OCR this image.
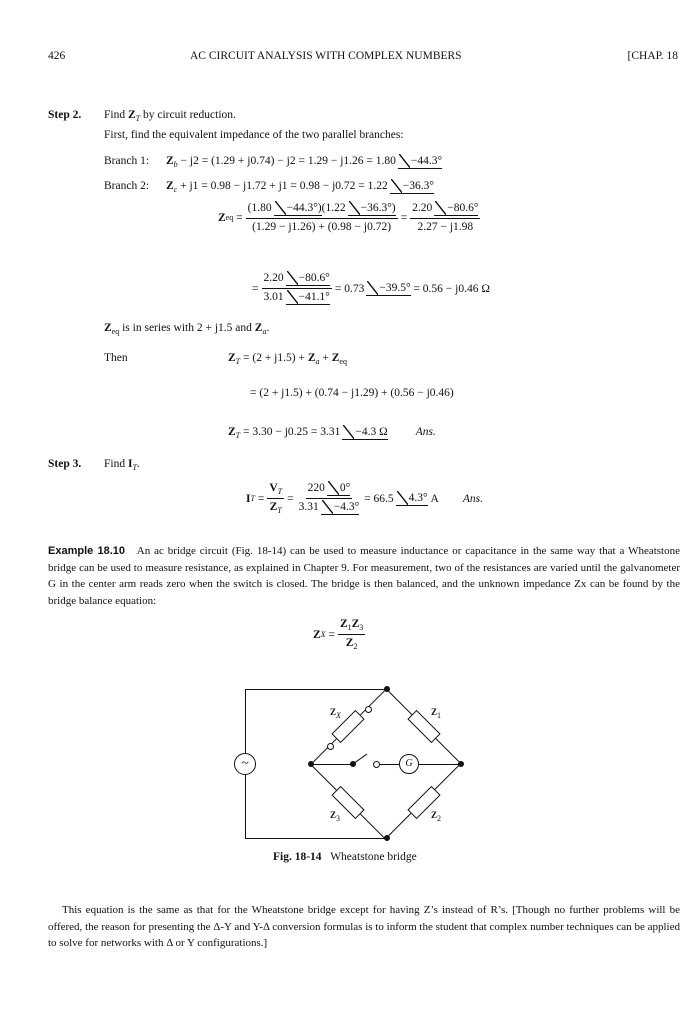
426	AC CIRCUIT ANALYSIS WITH COMPLEX NUMBERS	[CHAP. 18
Step 2. Find $Z_T$ by circuit reduction.
First, find the equivalent impedance of the two parallel branches:
Branch 1: $Z_b - j2 = (1.29 + j0.74) - j2 = 1.29 - j1.26 = 1.80 -44.3^\circ$
Branch 2: $Z_c + j1 = 0.98 - j1.72 + j1 = 0.98 - j0.72 = 1.22 -36.3^\circ$
Z eq = $\frac{(1.80 -44.3^\circ)(1.22 -36.3^\circ)}{(1.29 - j1.26) + (0.98 - j0.72)} = \frac{2.20 -80.6^\circ}{2.27 - j1.98}$
= $\frac{2.20 -80.6^\circ}{3.01 -41.1^\circ} = 0.73$	−39.5°
= 0.56 − j0.46 Ω
$Z_{eq}$ is in series with 2 + j1.5 and $Z_a$.
Then	$Z_T = (2 + j1.5) + Z_a + Z_{eq}$
= (2 + j1.5) + (0.74 − j1.29) + (0.56 − j0.46)
$Z_T = 3.30 - j0.25 = 3.31 -4.3$ Ω Ans.
Step 3. Find $I_T$.
I $T = \frac{V_T}{Z_T} = \frac{220 0^\circ}{3.31 -4.3^\circ} = 66.5$	4.3°
A Ans.
Example 18.10 An ac bridge circuit (Fig. 18-14) can be used to measure inductance or capacitance in the same way that a Wheatstone bridge can be used to measure resistance, as explained in Chapter 9. For measurement, two of the resistances are varied until the galvanometer G in the center arm reads zero when the switch is closed. The bridge is then balanced, and the unknown impedance Zx can be found by the bridge balance equation:
Z $X = \frac{Z_1Z_3}{Z_2}$
~	G
$Z_X$	$Z_1$
$Z_3$	$Z_2$
Fig. 18-14 Wheatstone bridge
This equation is the same as that for the Wheatstone bridge except for having Z’s instead of R’s. [Though no further problems will be offered, the reason for presenting the Δ-Y and Y-Δ conversion formulas is to inform the student that complex number techniques can be applied to solve for networks with Δ or Y configurations.]
